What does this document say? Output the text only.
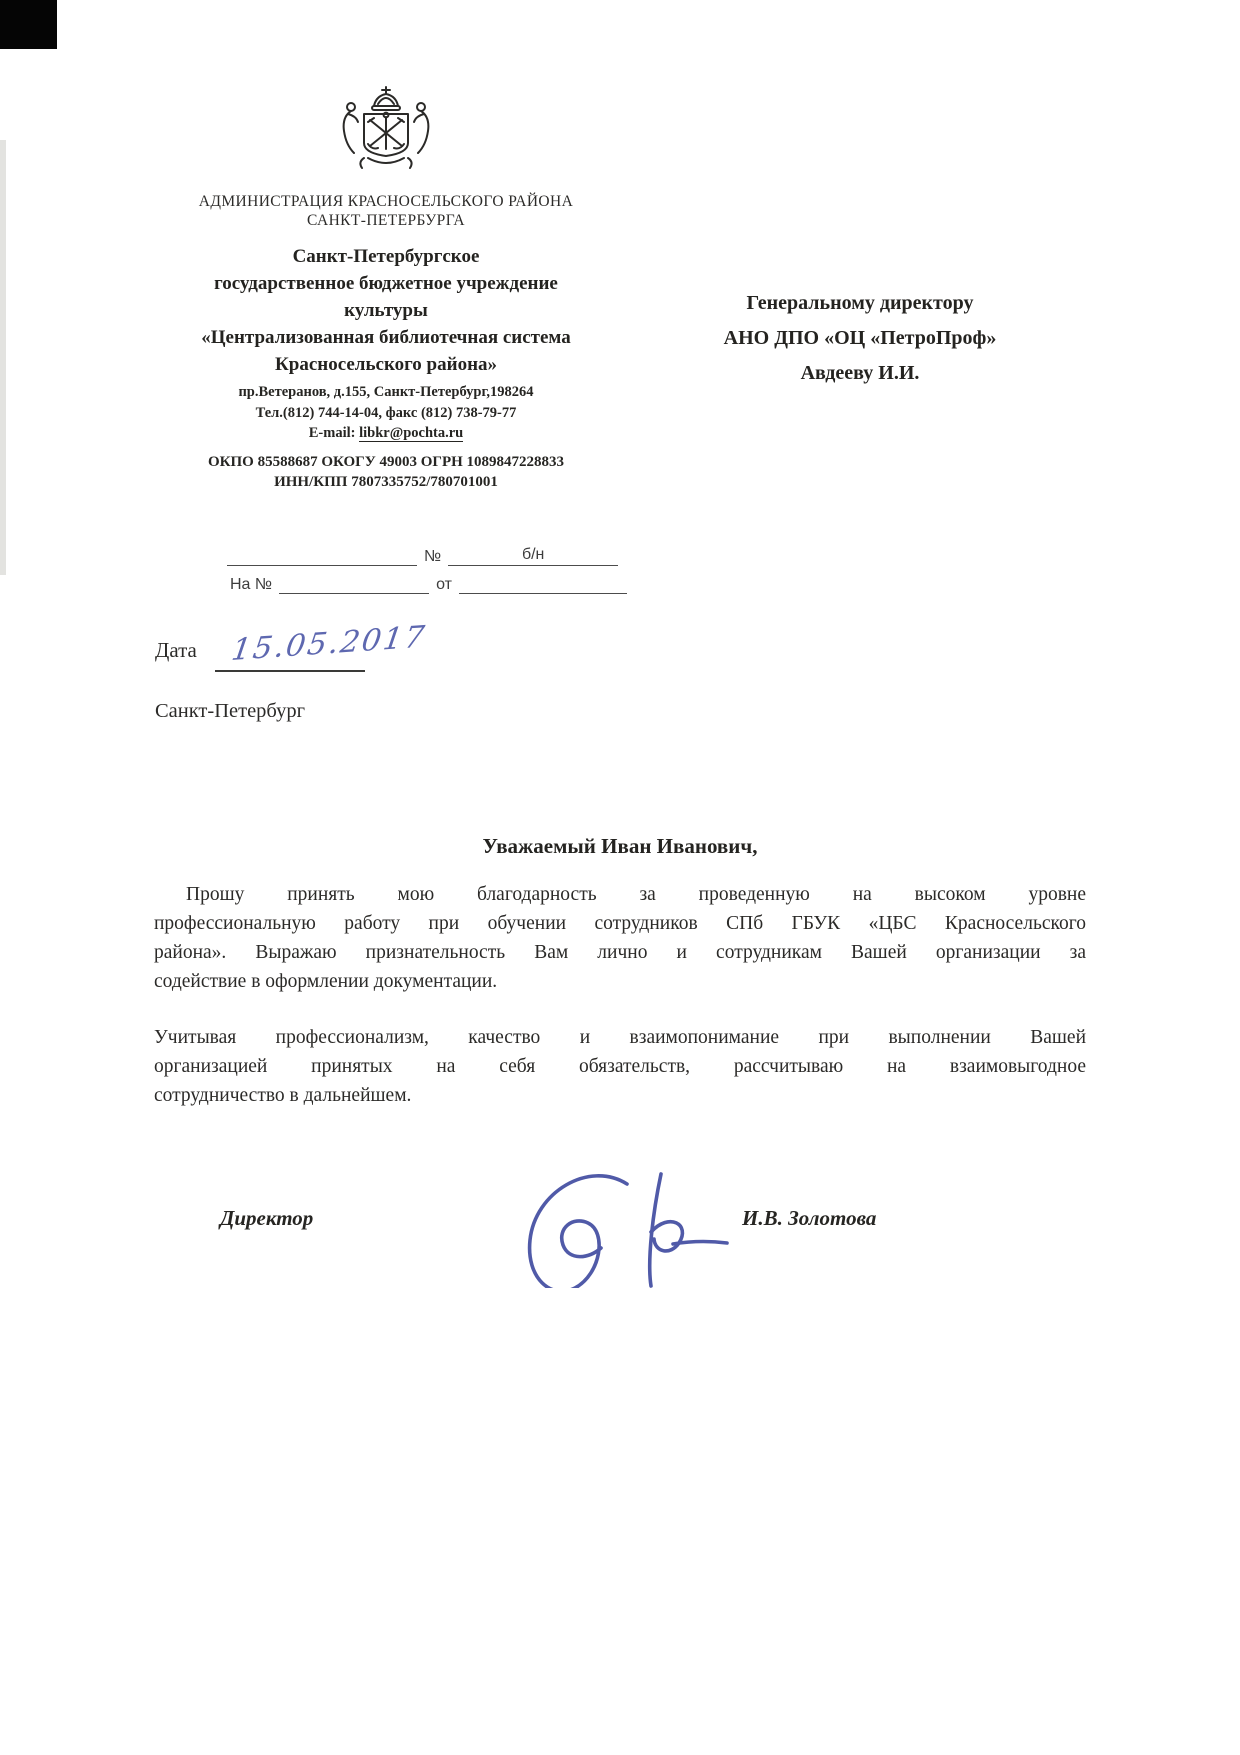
АДМИНИСТРАЦИЯ КРАСНОСЕЛЬСКОГО РАЙОНА
САНКТ-ПЕТЕРБУРГА
Санкт-Петербургское
государственное бюджетное учреждение
культуры
«Централизованная библиотечная система
Красносельского района»
пр.Ветеранов, д.155, Санкт-Петербург,198264
Тел.(812) 744-14-04, факс (812) 738-79-77
E-mail: libkr@pochta.ru
ОКПО 85588687 ОКОГУ 49003 ОГРН 1089847228833
ИНН/КПП 7807335752/780701001
Генеральному директору
АНО ДПО «ОЦ «ПетроПроф»
Авдееву И.И.
№	б/н
На №	от
Дата 15.05.2017
Санкт-Петербург
Уважаемый Иван Иванович,
Прошу принять мою благодарность за проведенную на высоком уровне
профессиональную работу при обучении сотрудников СПб ГБУК «ЦБС Красносельского
района». Выражаю признательность Вам лично и сотрудникам Вашей организации за
содействие в оформлении документации.
Учитывая профессионализм, качество и взаимопонимание при выполнении Вашей
организацией принятых на себя обязательств, рассчитываю на взаимовыгодное
сотрудничество в дальнейшем.
Директор	И.В. Золотова
